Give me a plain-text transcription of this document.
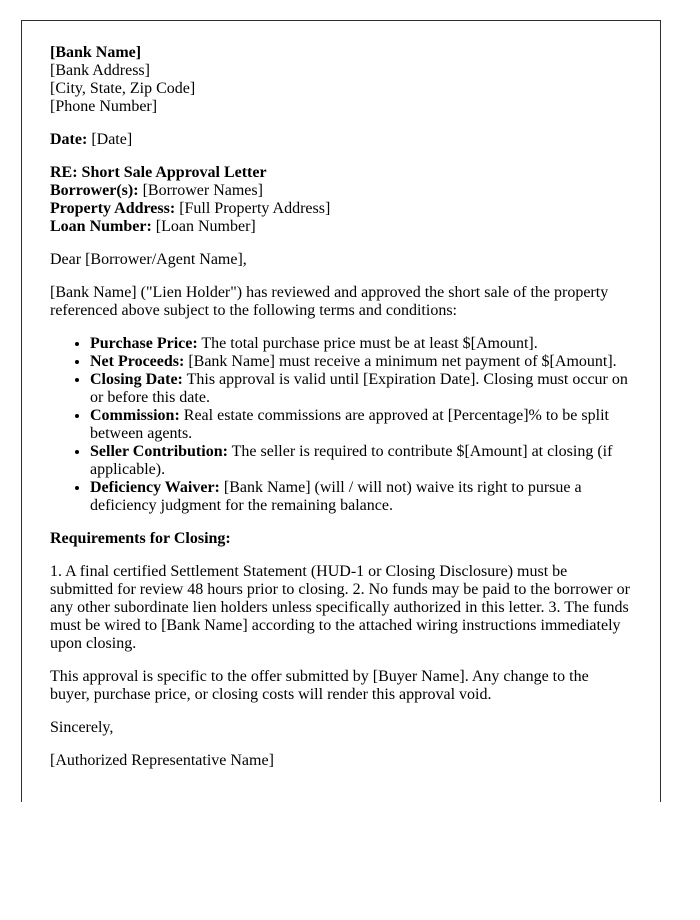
[Bank Name]
[Bank Address]
[City, State, Zip Code]
[Phone Number]

Date: [Date]

RE: Short Sale Approval Letter
Borrower(s): [Borrower Names]
Property Address: [Full Property Address]
Loan Number: [Loan Number]

Dear [Borrower/Agent Name],

[Bank Name] ("Lien Holder") has reviewed and approved the short sale of the property referenced above subject to the following terms and conditions:

• Purchase Price: The total purchase price must be at least $[Amount].
• Net Proceeds: [Bank Name] must receive a minimum net payment of $[Amount].
• Closing Date: This approval is valid until [Expiration Date]. Closing must occur on or before this date.
• Commission: Real estate commissions are approved at [Percentage]% to be split between agents.
• Seller Contribution: The seller is required to contribute $[Amount] at closing (if applicable).
• Deficiency Waiver: [Bank Name] (will / will not) waive its right to pursue a deficiency judgment for the remaining balance.

Requirements for Closing:

1. A final certified Settlement Statement (HUD-1 or Closing Disclosure) must be submitted for review 48 hours prior to closing. 2. No funds may be paid to the borrower or any other subordinate lien holders unless specifically authorized in this letter. 3. The funds must be wired to [Bank Name] according to the attached wiring instructions immediately upon closing.

This approval is specific to the offer submitted by [Buyer Name]. Any change to the buyer, purchase price, or closing costs will render this approval void.

Sincerely,

[Authorized Representative Name]
